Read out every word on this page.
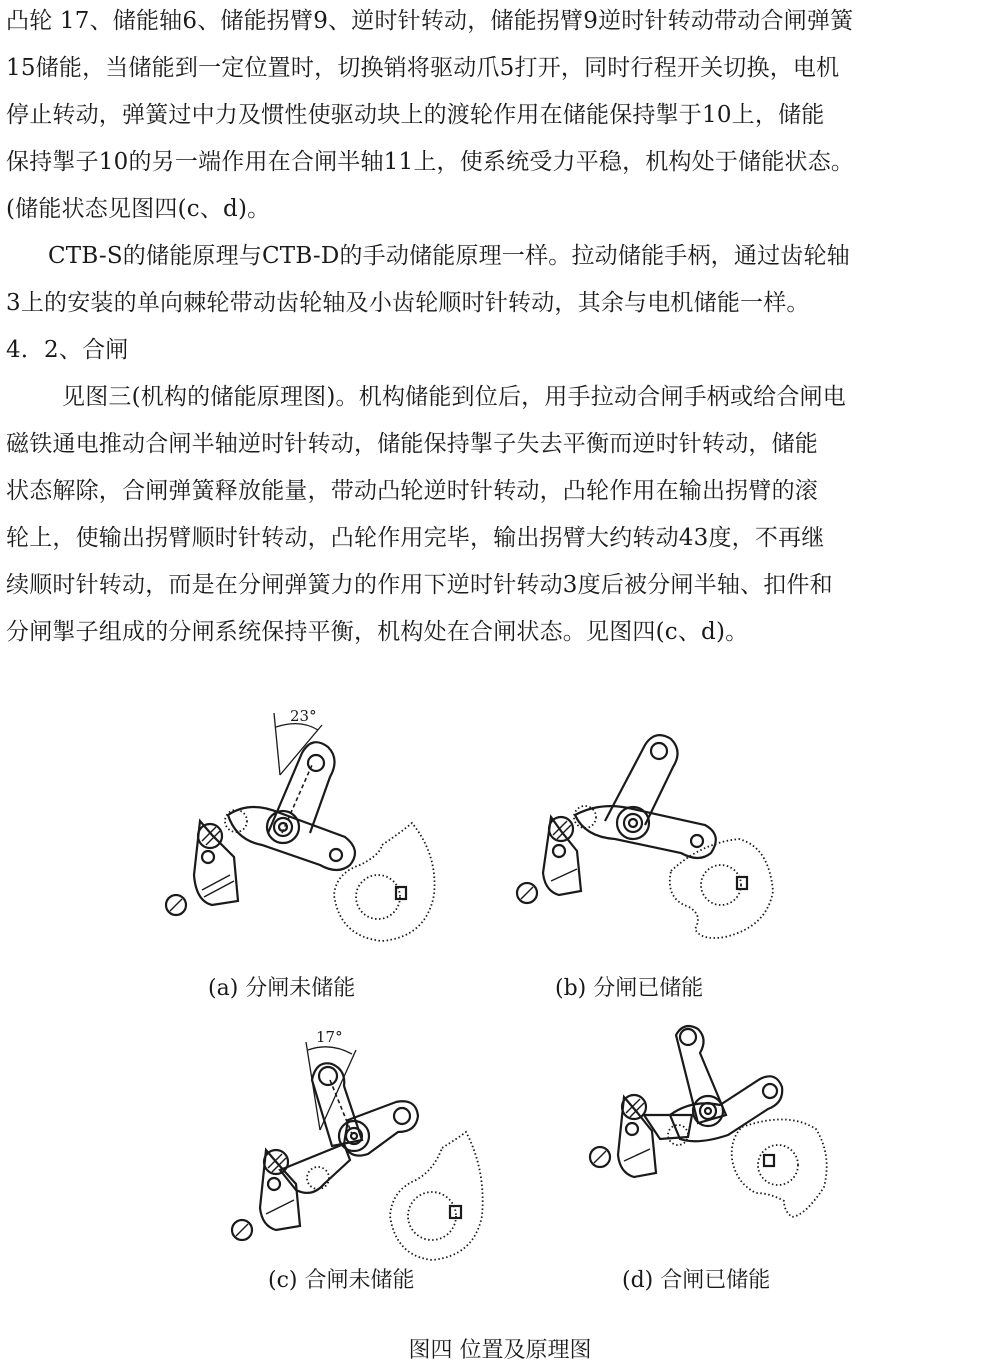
凸轮 17、储能轴6、储能拐臂9、逆时针转动，储能拐臂9逆时针转动带动合闸弹簧
15储能，当储能到一定位置时，切换销将驱动爪5打开，同时行程开关切换，电机
停止转动，弹簧过中力及惯性使驱动块上的渡轮作用在储能保持掣于10上，储能
保持掣子10的另一端作用在合闸半轴11上，使系统受力平稳，机构处于储能状态。
(储能状态见图四(c、d)。
CTB-S的储能原理与CTB-D的手动储能原理一样。拉动储能手柄，通过齿轮轴
3上的安装的单向棘轮带动齿轮轴及小齿轮顺时针转动，其余与电机储能一样。
4．2、合闸
见图三(机构的储能原理图)。机构储能到位后，用手拉动合闸手柄或给合闸电
磁铁通电推动合闸半轴逆时针转动，储能保持掣子失去平衡而逆时针转动，储能
状态解除，合闸弹簧释放能量，带动凸轮逆时针转动，凸轮作用在输出拐臂的滚
轮上，使输出拐臂顺时针转动，凸轮作用完毕，输出拐臂大约转动43度，不再继
续顺时针转动，而是在分闸弹簧力的作用下逆时针转动3度后被分闸半轴、扣件和
分闸掣子组成的分闸系统保持平衡，机构处在合闸状态。见图四(c、d)。
23°
(a) 分闸未储能	(b) 分闸已储能
17°
(c) 合闸未储能	(d) 合闸已储能
图四 位置及原理图
